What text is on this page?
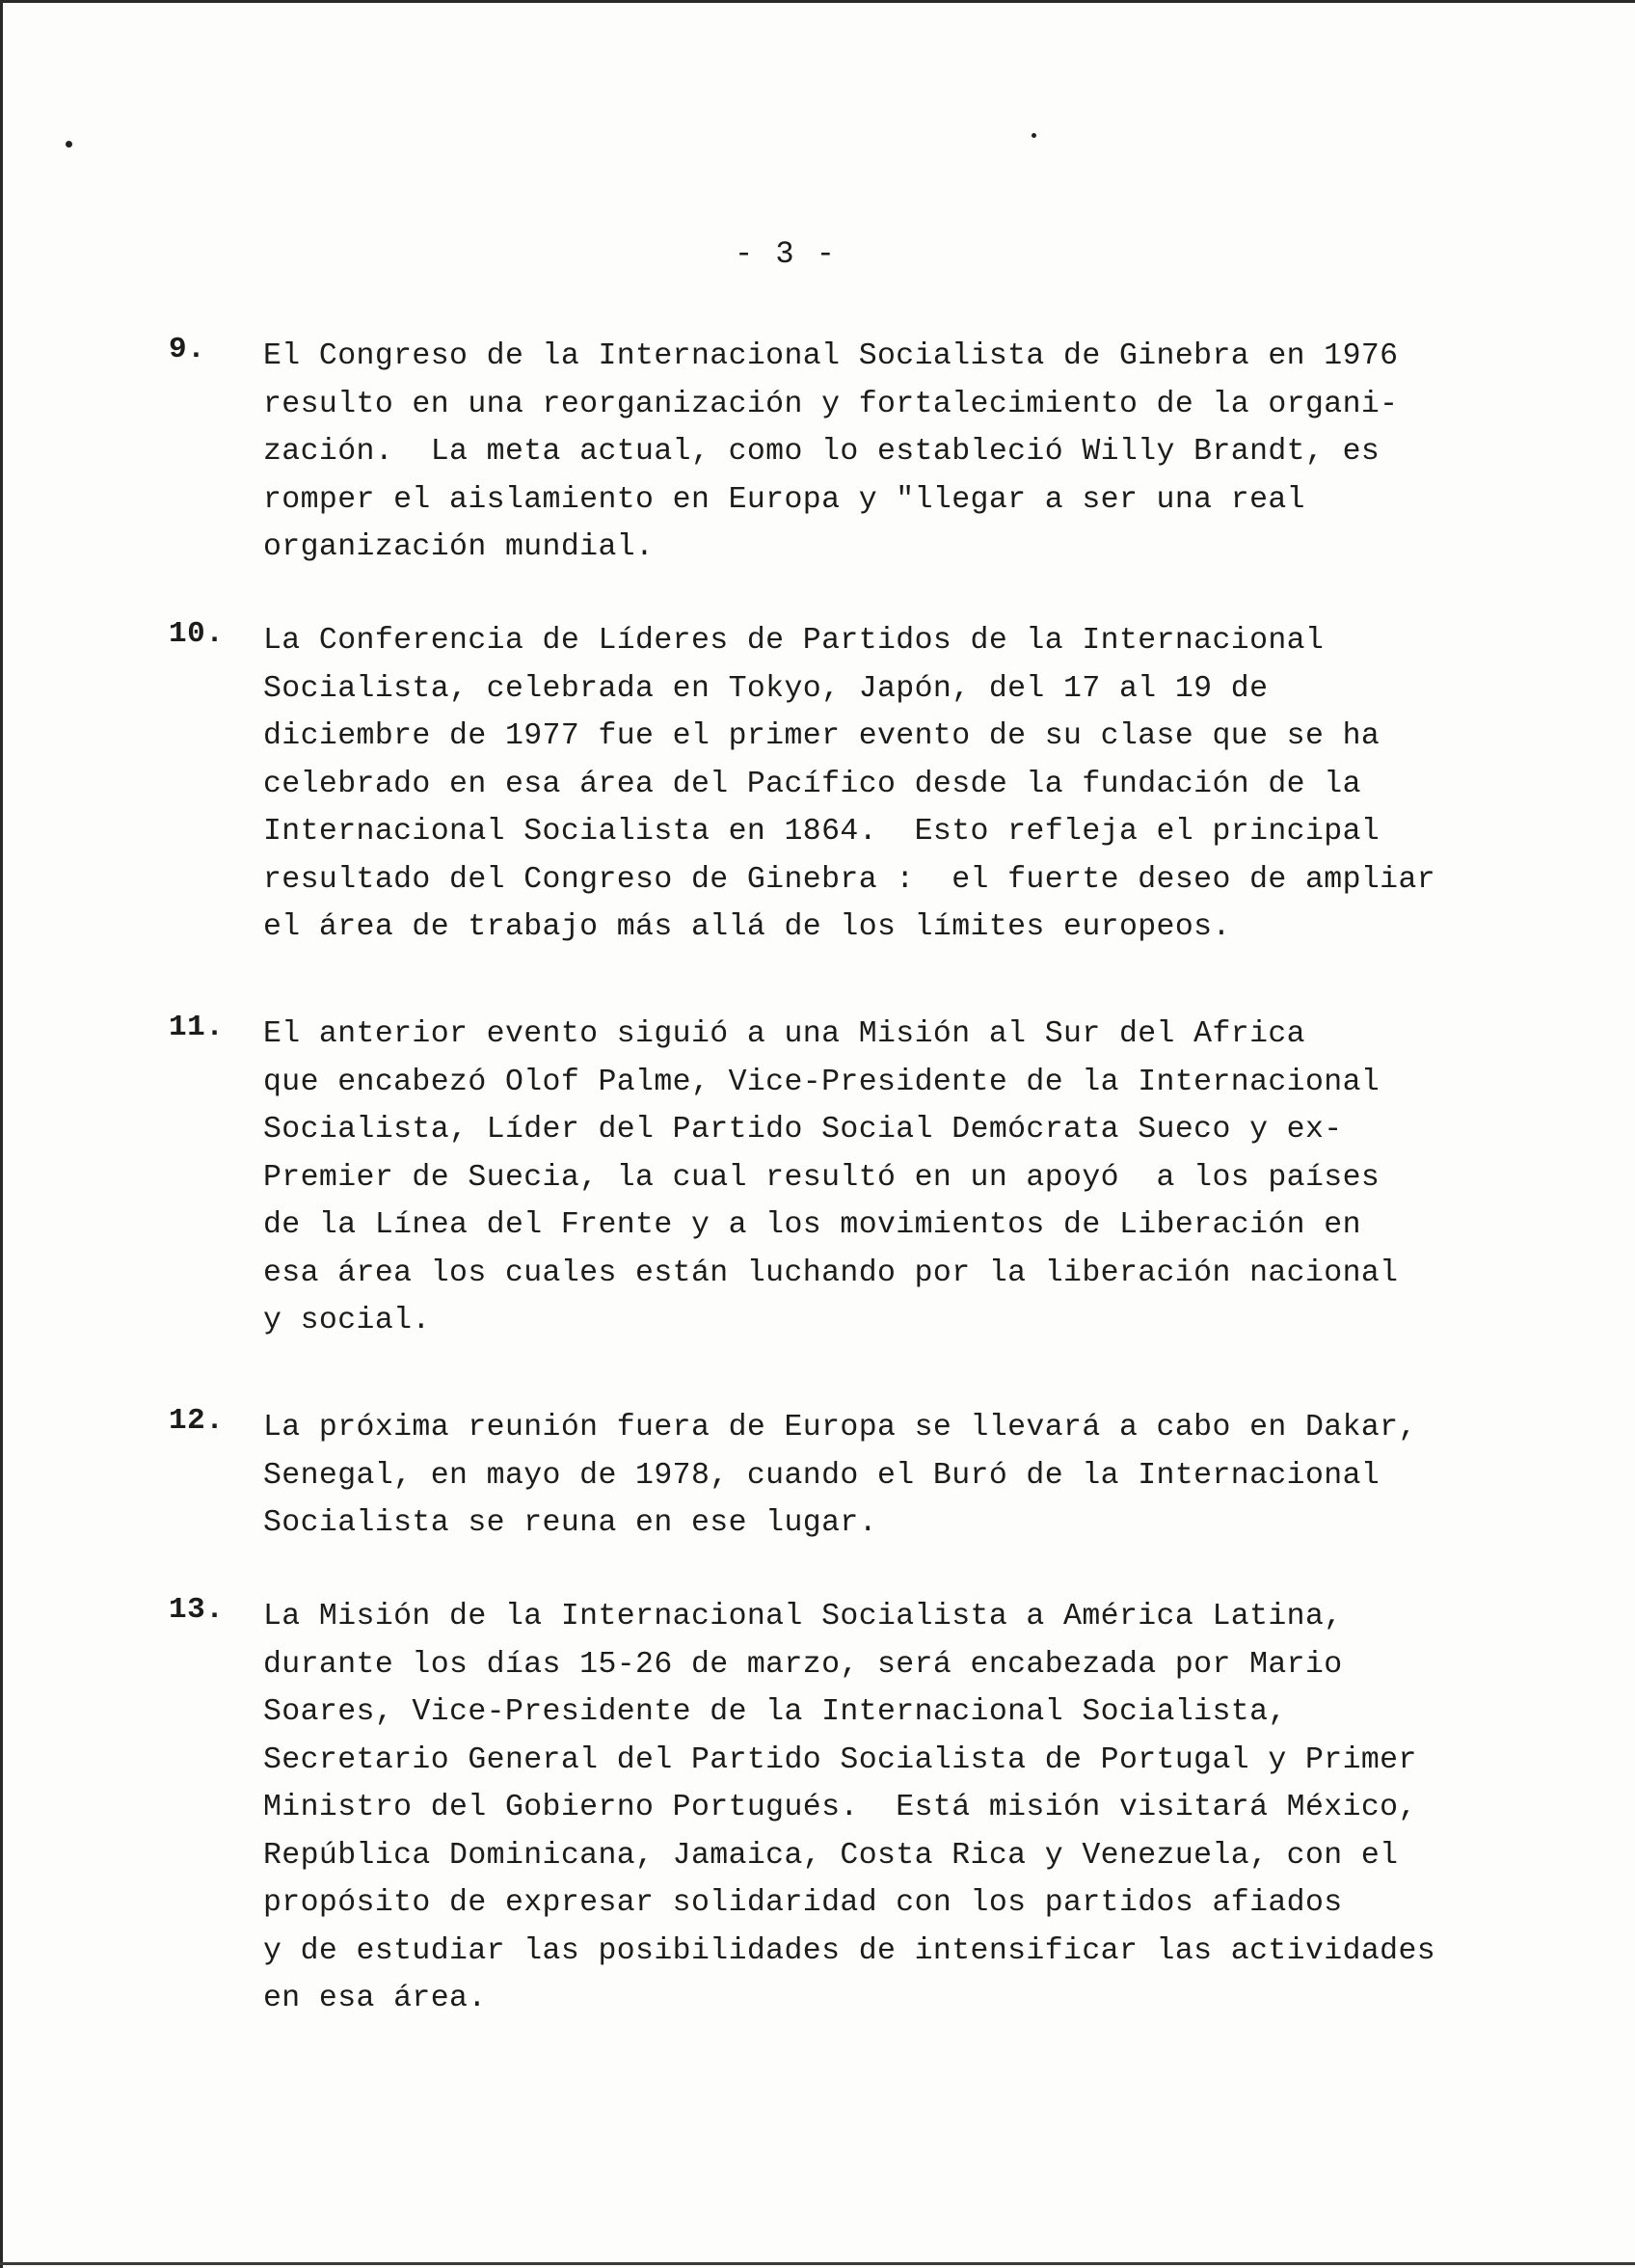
- 3 -
9. El Congreso de la Internacional Socialista de Ginebra en 1976
resulto en una reorganización y fortalecimiento de la organi-
zación.  La meta actual, como lo estableció Willy Brandt, es
romper el aislamiento en Europa y "llegar a ser una real
organización mundial.
10. La Conferencia de Líderes de Partidos de la Internacional
Socialista, celebrada en Tokyo, Japón, del 17 al 19 de
diciembre de 1977 fue el primer evento de su clase que se ha
celebrado en esa área del Pacífico desde la fundación de la
Internacional Socialista en 1864.  Esto refleja el principal
resultado del Congreso de Ginebra :  el fuerte deseo de ampliar
el área de trabajo más allá de los límites europeos.
11. El anterior evento siguió a una Misión al Sur del Africa
que encabezó Olof Palme, Vice-Presidente de la Internacional
Socialista, Líder del Partido Social Demócrata Sueco y ex-
Premier de Suecia, la cual resultó en un apoyó  a los países
de la Línea del Frente y a los movimientos de Liberación en
esa área los cuales están luchando por la liberación nacional
y social.
12. La próxima reunión fuera de Europa se llevará a cabo en Dakar,
Senegal, en mayo de 1978, cuando el Buró de la Internacional
Socialista se reuna en ese lugar.
13. La Misión de la Internacional Socialista a América Latina,
durante los días 15-26 de marzo, será encabezada por Mario
Soares, Vice-Presidente de la Internacional Socialista,
Secretario General del Partido Socialista de Portugal y Primer
Ministro del Gobierno Portugués.  Está misión visitará México,
República Dominicana, Jamaica, Costa Rica y Venezuela, con el
propósito de expresar solidaridad con los partidos afiados
y de estudiar las posibilidades de intensificar las actividades
en esa área.
